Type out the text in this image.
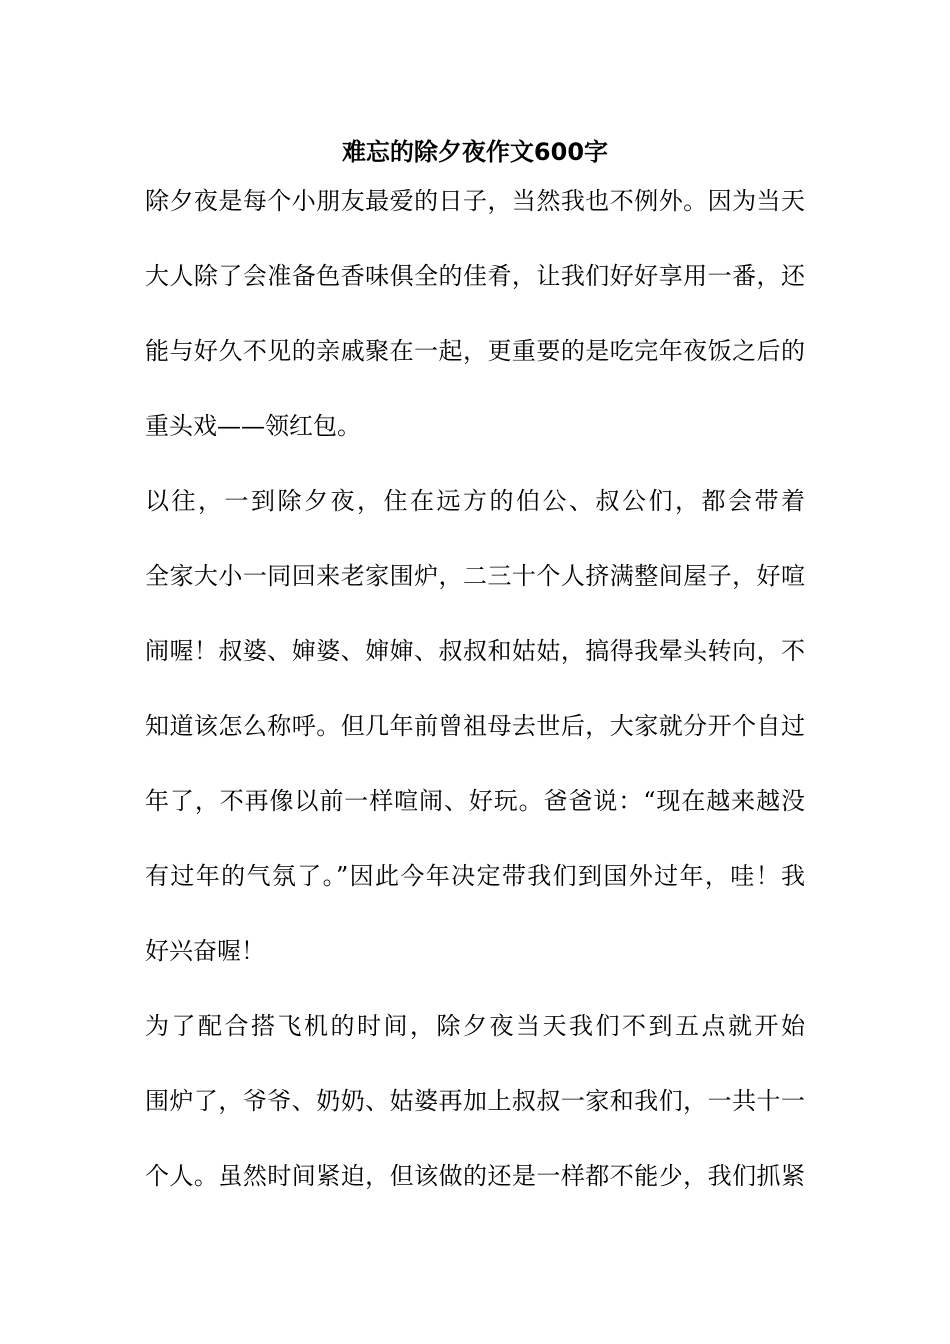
难忘的除夕夜作文600字
除夕夜是每个小朋友最爱的日子，当然我也不例外。因为当天
大人除了会准备色香味俱全的佳肴，让我们好好享用一番，还
能与好久不见的亲戚聚在一起，更重要的是吃完年夜饭之后的
重头戏——领红包。
以往，一到除夕夜，住在远方的伯公、叔公们，都会带着
全家大小一同回来老家围炉，二三十个人挤满整间屋子，好喧
闹喔！叔婆、婶婆、婶婶、叔叔和姑姑，搞得我晕头转向，不
知道该怎么称呼。但几年前曾祖母去世后，大家就分开个自过
年了，不再像以前一样喧闹、好玩。爸爸说：“现在越来越没
有过年的气氛了。”因此今年决定带我们到国外过年，哇！我
好兴奋喔！
为了配合搭飞机的时间，除夕夜当天我们不到五点就开始
围炉了，爷爷、奶奶、姑婆再加上叔叔一家和我们，一共十一
个人。虽然时间紧迫，但该做的还是一样都不能少，我们抓紧
